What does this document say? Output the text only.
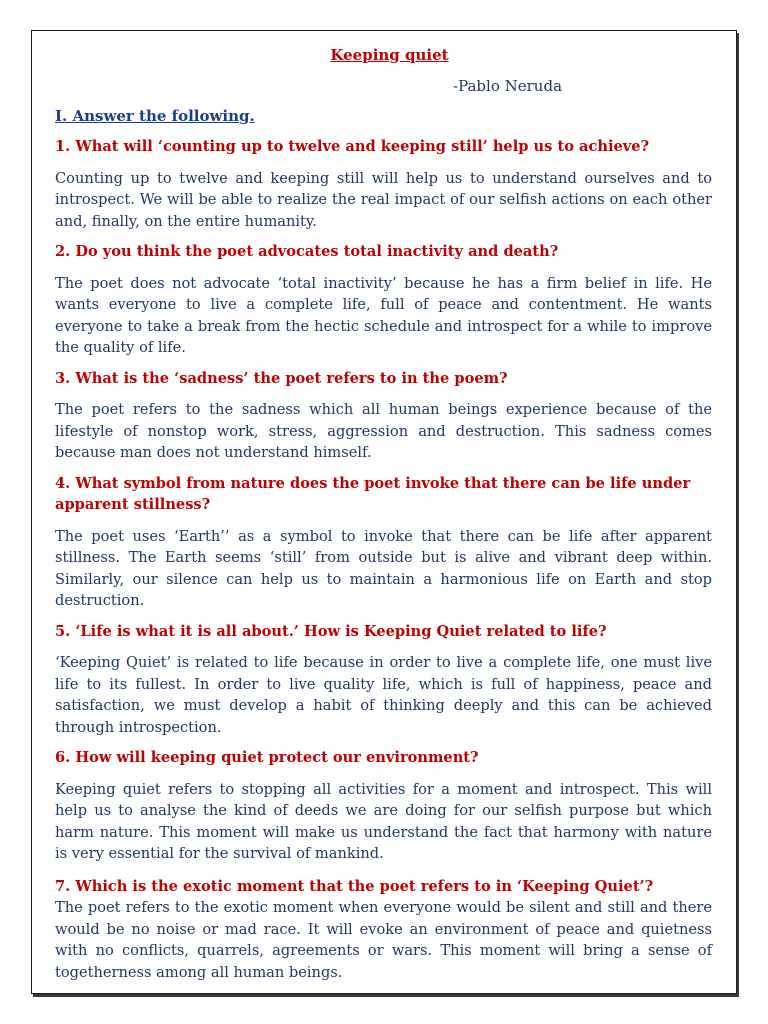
Keeping quiet

-Pablo Neruda

I. Answer the following.

1. What will ‘counting up to twelve and keeping still’ help us to achieve?

Counting up to twelve and keeping still will help us to understand ourselves and to introspect. We will be able to realize the real impact of our selfish actions on each other and, finally, on the entire humanity.

2. Do you think the poet advocates total inactivity and death?

The poet does not advocate ‘total inactivity’ because he has a firm belief in life. He wants everyone to live a complete life, full of peace and contentment. He wants everyone to take a break from the hectic schedule and introspect for a while to improve the quality of life.

3. What is the ‘sadness’ the poet refers to in the poem?

The poet refers to the sadness which all human beings experience because of the lifestyle of nonstop work, stress, aggression and destruction. This sadness comes because man does not understand himself.

4. What symbol from nature does the poet invoke that there can be life under apparent stillness?

The poet uses ‘Earth’’ as a symbol to invoke that there can be life after apparent stillness. The Earth seems ‘still’ from outside but is alive and vibrant deep within. Similarly, our silence can help us to maintain a harmonious life on Earth and stop destruction.

5. ‘Life is what it is all about.’ How is Keeping Quiet related to life?

‘Keeping Quiet’ is related to life because in order to live a complete life, one must live life to its fullest. In order to live quality life, which is full of happiness, peace and satisfaction, we must develop a habit of thinking deeply and this can be achieved through introspection.

6. How will keeping quiet protect our environment?

Keeping quiet refers to stopping all activities for a moment and introspect. This will help us to analyse the kind of deeds we are doing for our selfish purpose but which harm nature. This moment will make us understand the fact that harmony with nature is very essential for the survival of mankind.

7. Which is the exotic moment that the poet refers to in ‘Keeping Quiet’?

The poet refers to the exotic moment when everyone would be silent and still and there would be no noise or mad race. It will evoke an environment of peace and quietness with no conflicts, quarrels, agreements or wars. This moment will bring a sense of togetherness among all human beings.
